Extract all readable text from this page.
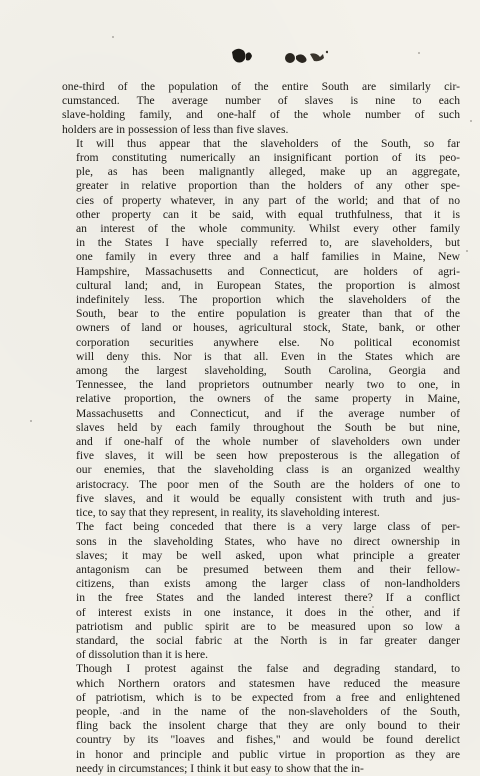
one-third of the population of the entire South are similarly cir-
cumstanced. The average number of slaves is nine to each
slave-holding family, and one-half of the whole number of such
holders are in possession of less than five slaves.

It will thus appear that the slaveholders of the South, so far
from constituting numerically an insignificant portion of its peo-
ple, as has been malignantly alleged, make up an aggregate,
greater in relative proportion than the holders of any other spe-
cies of property whatever, in any part of the world; and that of no
other property can it be said, with equal truthfulness, that it is
an interest of the whole community. Whilst every other family
in the States I have specially referred to, are slaveholders, but
one family in every three and a half families in Maine, New
Hampshire, Massachusetts and Connecticut, are holders of agri-
cultural land; and, in European States, the proportion is almost
indefinitely less. The proportion which the slaveholders of the
South, bear to the entire population is greater than that of the
owners of land or houses, agricultural stock, State, bank, or other
corporation securities anywhere else. No political economist
will deny this. Nor is that all. Even in the States which are
among the largest slaveholding, South Carolina, Georgia and
Tennessee, the land proprietors outnumber nearly two to one, in
relative proportion, the owners of the same property in Maine,
Massachusetts and Connecticut, and if the average number of
slaves held by each family throughout the South be but nine,
and if one-half of the whole number of slaveholders own under
five slaves, it will be seen how preposterous is the allegation of
our enemies, that the slaveholding class is an organized wealthy
aristocracy. The poor men of the South are the holders of one to
five slaves, and it would be equally consistent with truth and jus-
tice, to say that they represent, in reality, its slaveholding interest.

The fact being conceded that there is a very large class of per-
sons in the slaveholding States, who have no direct ownership in
slaves; it may be well asked, upon what principle a greater
antagonism can be presumed between them and their fellow-
citizens, than exists among the larger class of non-landholders
in the free States and the landed interest there? If a conflict
of interest exists in one instance, it does in the other, and if
patriotism and public spirit are to be measured upon so low a
standard, the social fabric at the North is in far greater danger
of dissolution than it is here.

Though I protest against the false and degrading standard, to
which Northern orators and statesmen have reduced the measure
of patriotism, which is to be expected from a free and enlightened
people, and in the name of the non-slaveholders of the South,
fling back the insolent charge that they are only bound to their
country by its "loaves and fishes," and would be found derelict
in honor and principle and public virtue in proportion as they are
needy in circumstances; I think it but easy to show that the in-
